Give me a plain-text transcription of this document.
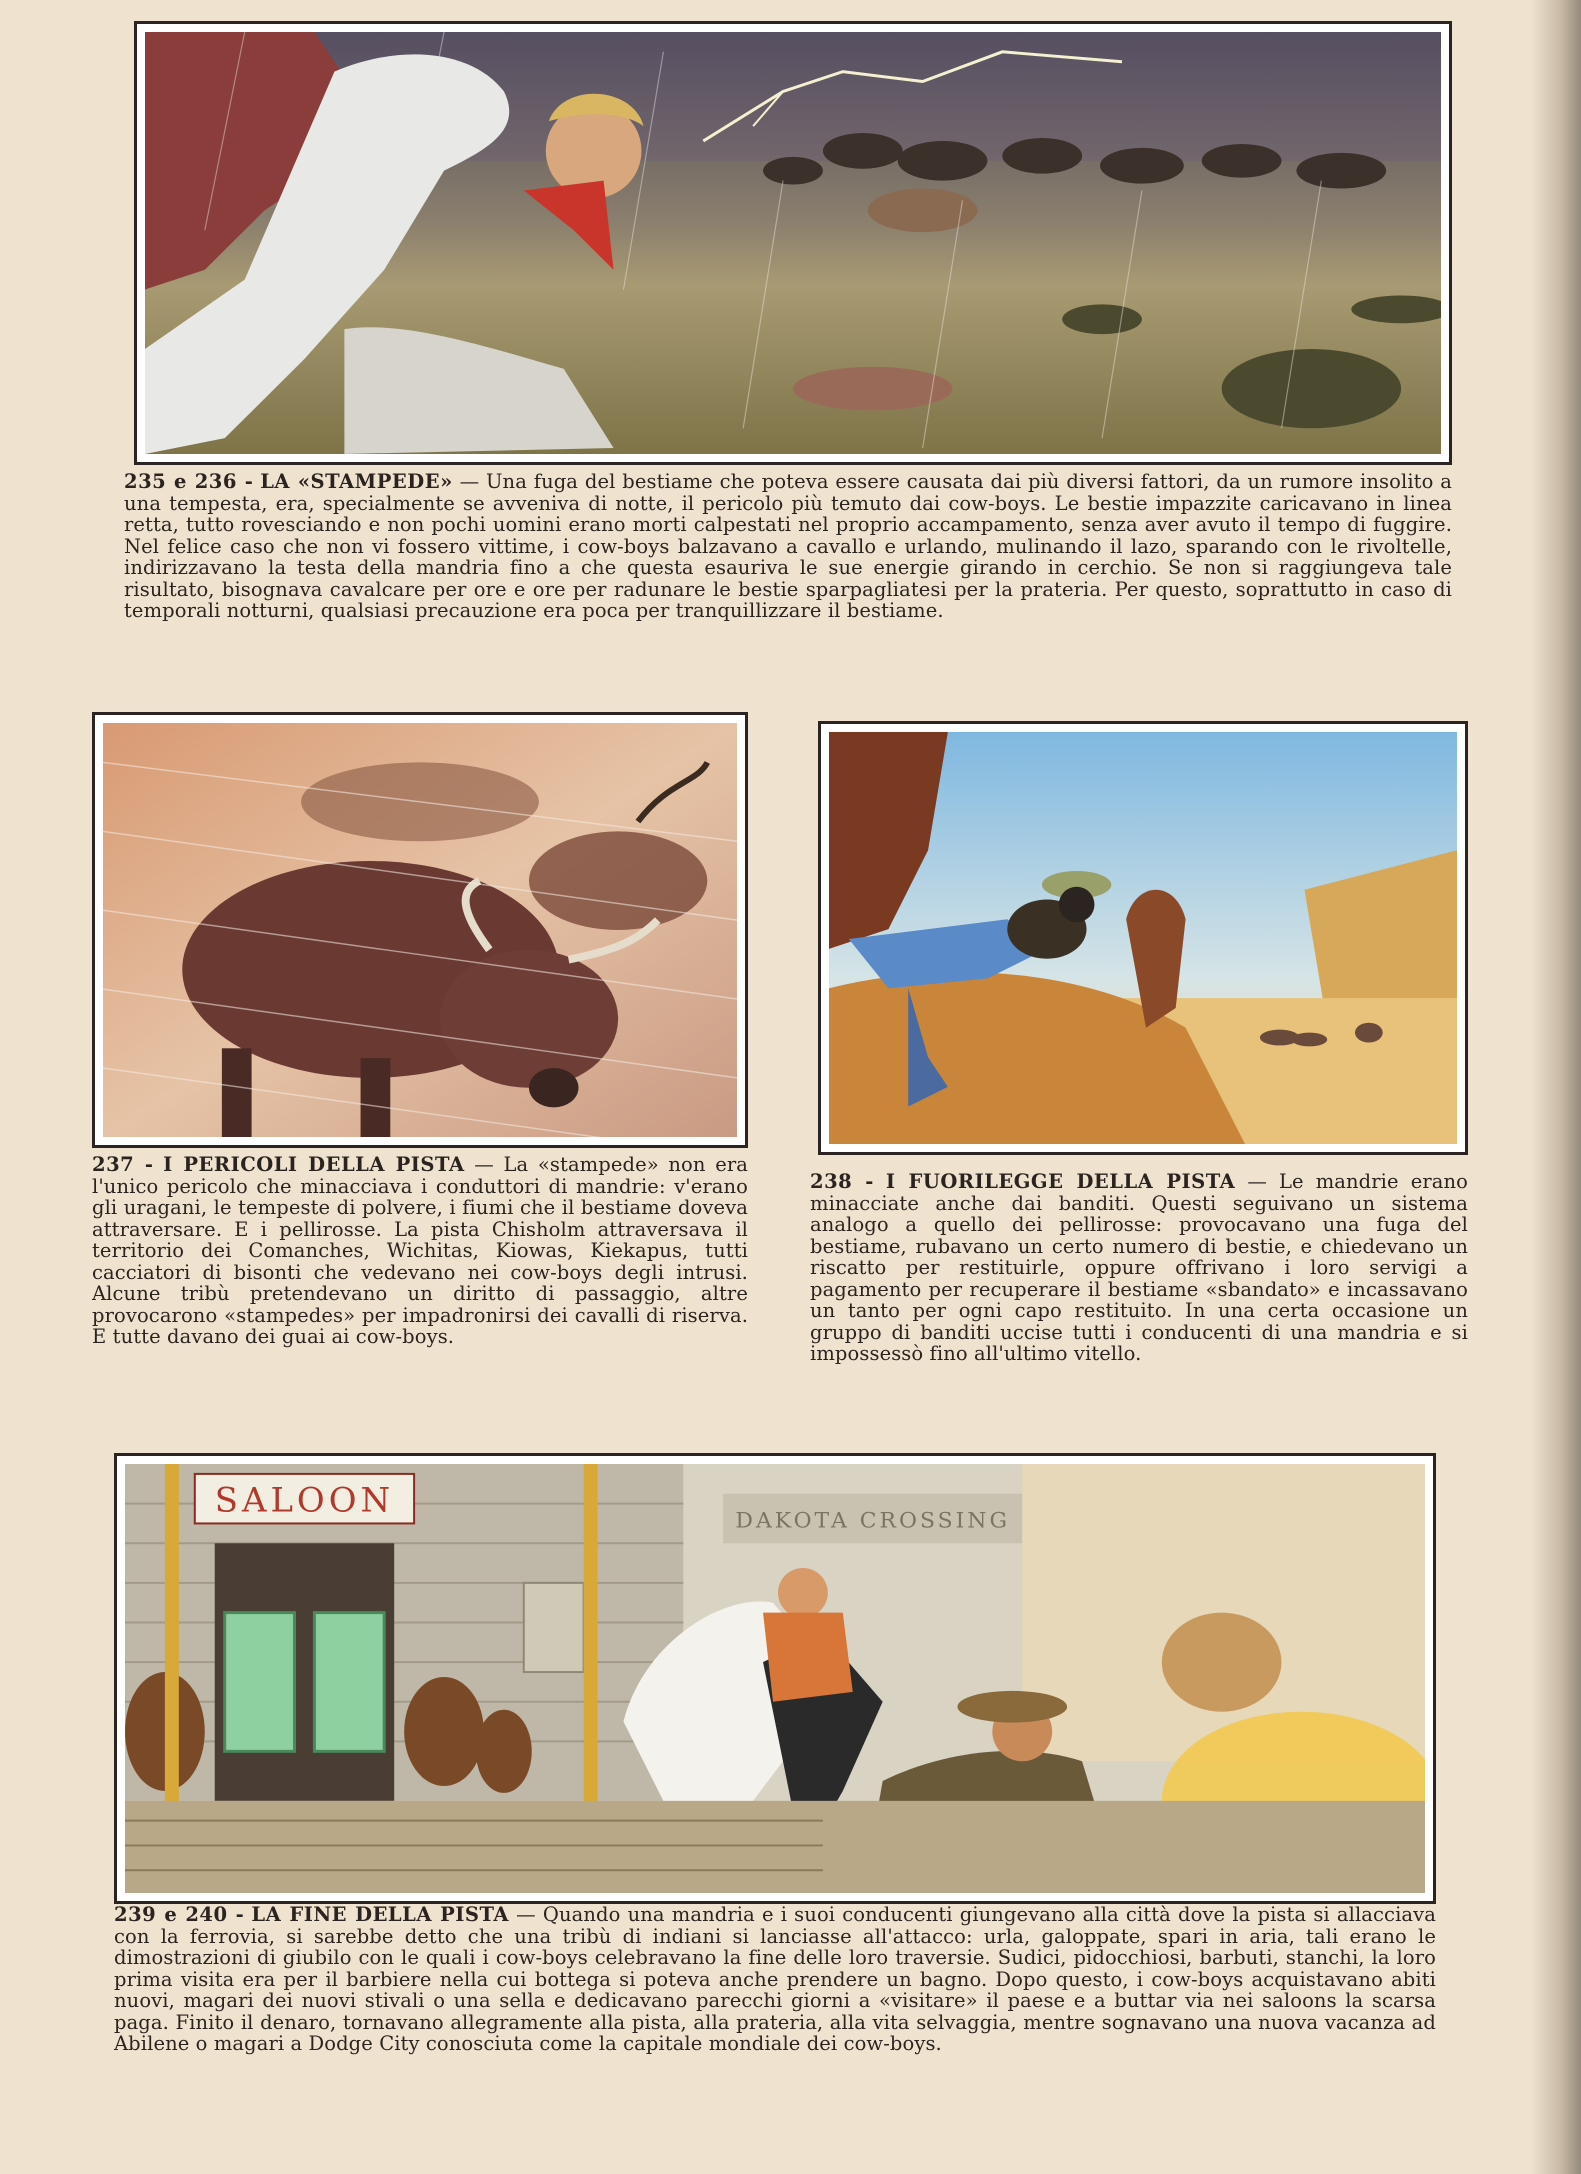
235 e 236 - LA «STAMPEDE» — Una fuga del bestiame che poteva essere causata dai più diversi fattori, da un rumore insolito a una tempesta, era, specialmente se avveniva di notte, il pericolo più temuto dai cow-boys. Le bestie impazzite caricavano in linea retta, tutto rovesciando e non pochi uomini erano morti calpestati nel proprio accampamento, senza aver avuto il tempo di fuggire. Nel felice caso che non vi fossero vittime, i cow-boys balzavano a cavallo e urlando, mulinando il lazo, sparando con le rivoltelle, indirizzavano la testa della mandria fino a che questa esauriva le sue energie girando in cerchio. Se non si raggiungeva tale risultato, bisognava cavalcare per ore e ore per radunare le bestie sparpagliatesi per la prateria. Per questo, soprattutto in caso di temporali notturni, qualsiasi precauzione era poca per tranquillizzare il bestiame.

237 - I PERICOLI DELLA PISTA — La «stampede» non era l'unico pericolo che minacciava i conduttori di mandrie: v'erano gli uragani, le tempeste di polvere, i fiumi che il bestiame doveva attraversare. E i pellirosse. La pista Chisholm attraversava il territorio dei Comanches, Wichitas, Kiowas, Kiekapus, tutti cacciatori di bisonti che vedevano nei cow-boys degli intrusi. Alcune tribù pretendevano un diritto di passaggio, altre provocarono «stampedes» per impadronirsi dei cavalli di riserva. E tutte davano dei guai ai cow-boys.

238 - I FUORILEGGE DELLA PISTA — Le mandrie erano minacciate anche dai banditi. Questi seguivano un sistema analogo a quello dei pellirosse: provocavano una fuga del bestiame, rubavano un certo numero di bestie, e chiedevano un riscatto per restituirle, oppure offrivano i loro servigi a pagamento per recuperare il bestiame «sbandato» e incassavano un tanto per ogni capo restituito. In una certa occasione un gruppo di banditi uccise tutti i conducenti di una mandria e si impossessò fino all'ultimo vitello.

SALOON
DAKOTA CROSSING

239 e 240 - LA FINE DELLA PISTA — Quando una mandria e i suoi conducenti giungevano alla città dove la pista si allacciava con la ferrovia, si sarebbe detto che una tribù di indiani si lanciasse all'attacco: urla, galoppate, spari in aria, tali erano le dimostrazioni di giubilo con le quali i cow-boys celebravano la fine delle loro traversie. Sudici, pidocchiosi, barbuti, stanchi, la loro prima visita era per il barbiere nella cui bottega si poteva anche prendere un bagno. Dopo questo, i cow-boys acquistavano abiti nuovi, magari dei nuovi stivali o una sella e dedicavano parecchi giorni a «visitare» il paese e a buttar via nei saloons la scarsa paga. Finito il denaro, tornavano allegramente alla pista, alla prateria, alla vita selvaggia, mentre sognavano una nuova vacanza ad Abilene o magari a Dodge City conosciuta come la capitale mondiale dei cow-boys.
